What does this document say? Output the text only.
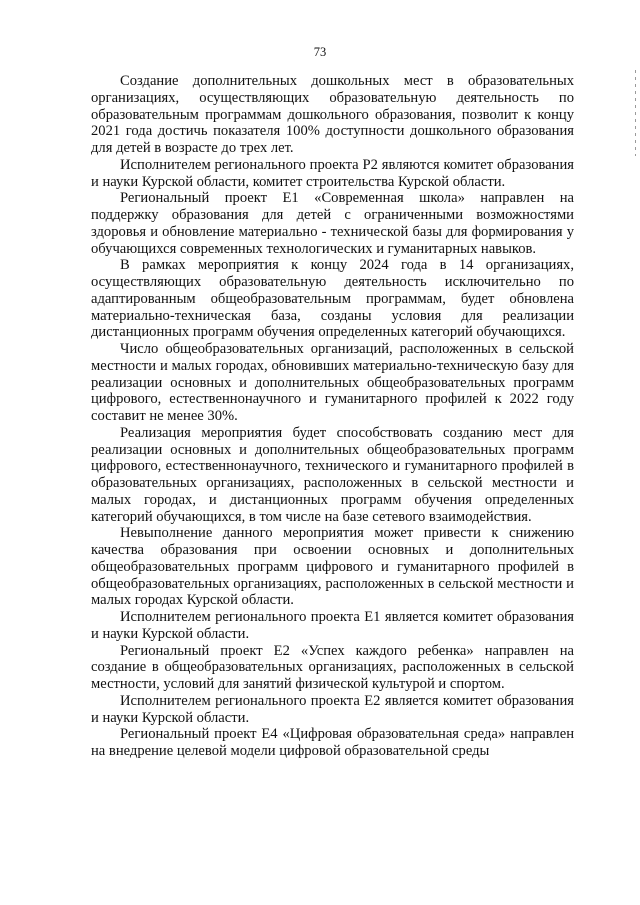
73

Создание дополнительных дошкольных мест в образовательных организациях, осуществляющих образовательную деятельность по образовательным программам дошкольного образования, позволит к концу 2021 года достичь показателя 100% доступности дошкольного образования для детей в возрасте до трех лет.

Исполнителем регионального проекта Р2 являются комитет образования и науки Курской области, комитет строительства Курской области.

Региональный проект Е1 «Современная школа» направлен на поддержку образования для детей с ограниченными возможностями здоровья и обновление материально - технической базы для формирования у обучающихся современных технологических и гуманитарных навыков.

В рамках мероприятия к концу 2024 года в 14 организациях, осуществляющих образовательную деятельность исключительно по адаптированным общеобразовательным программам, будет обновлена материально-техническая база, созданы условия для реализации дистанционных программ обучения определенных категорий обучающихся.

Число общеобразовательных организаций, расположенных в сельской местности и малых городах, обновивших материально-техническую базу для реализации основных и дополнительных общеобразовательных программ цифрового, естественнонаучного и гуманитарного профилей к 2022 году составит не менее 30%.

Реализация мероприятия будет способствовать созданию мест для реализации основных и дополнительных общеобразовательных программ цифрового, естественнонаучного, технического и гуманитарного профилей в образовательных организациях, расположенных в сельской местности и малых городах, и дистанционных программ обучения определенных категорий обучающихся, в том числе на базе сетевого взаимодействия.

Невыполнение данного мероприятия может привести к снижению качества образования при освоении основных и дополнительных общеобразовательных программ цифрового и гуманитарного профилей в общеобразовательных организациях, расположенных в сельской местности и малых городах Курской области.

Исполнителем регионального проекта Е1 является комитет образования и науки Курской области.

Региональный проект Е2 «Успех каждого ребенка» направлен на создание в общеобразовательных организациях, расположенных в сельской местности, условий для занятий физической культурой и спортом.

Исполнителем регионального проекта Е2 является комитет образования и науки Курской области.

Региональный проект Е4 «Цифровая образовательная среда» направлен на внедрение целевой модели цифровой образовательной среды
